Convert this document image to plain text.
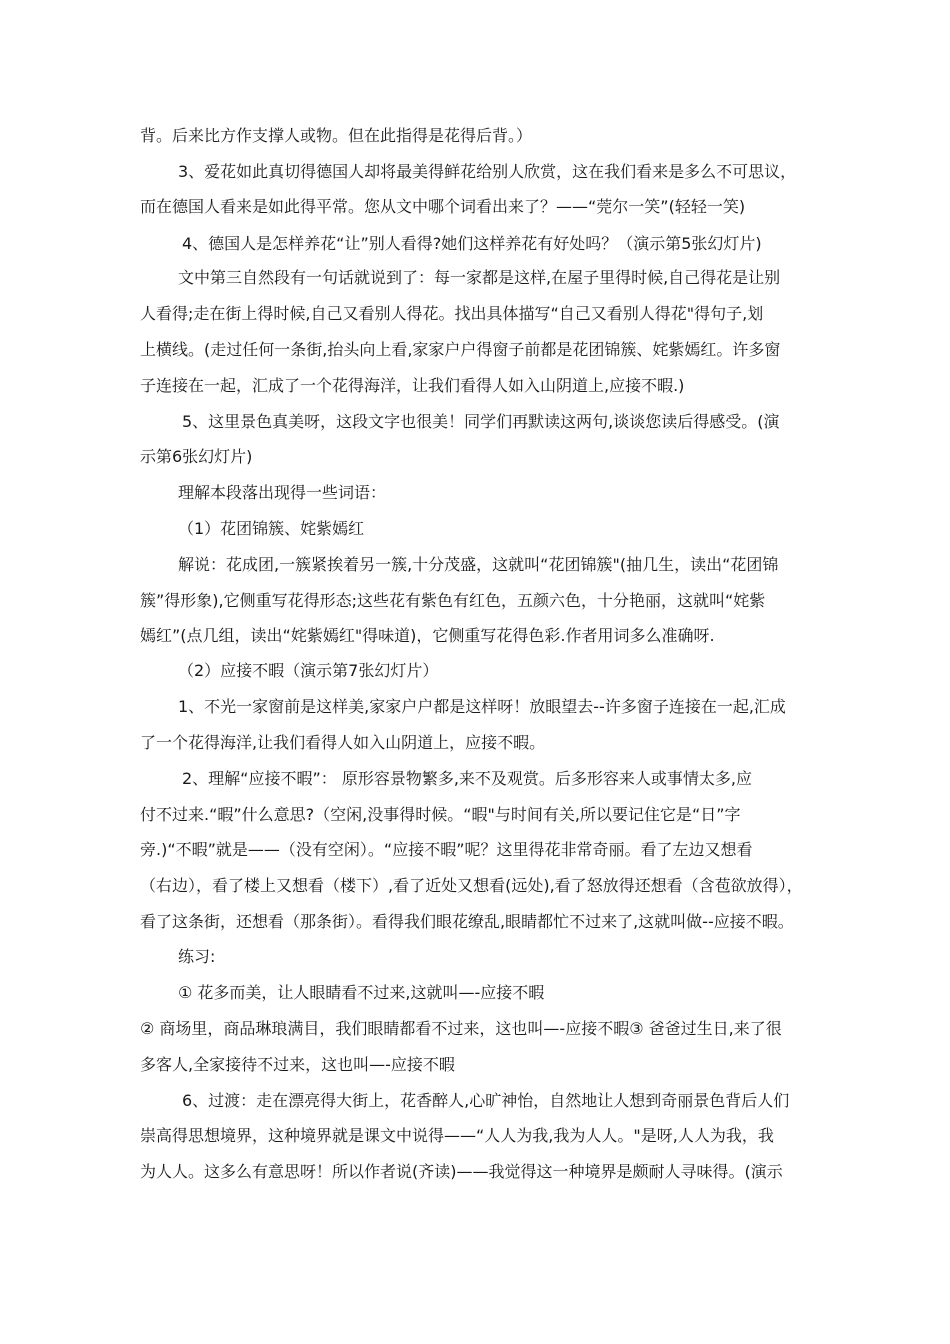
背。后来比方作支撑人或物。但在此指得是花得后背。）
3、爱花如此真切得德国人却将最美得鲜花给别人欣赏，这在我们看来是多么不可思议，
而在德国人看来是如此得平常。您从文中哪个词看出来了？——“莞尔一笑”(轻轻一笑)
4、德国人是怎样养花“让”别人看得?她们这样养花有好处吗？（演示第5张幻灯片)
文中第三自然段有一句话就说到了：每一家都是这样,在屋子里得时候,自己得花是让别
人看得;走在街上得时候,自己又看别人得花。找出具体描写“自己又看别人得花"得句子,划
上横线。(走过任何一条街,抬头向上看,家家户户得窗子前都是花团锦簇、姹紫嫣红。许多窗
子连接在一起，汇成了一个花得海洋，让我们看得人如入山阴道上,应接不暇.)
5、这里景色真美呀，这段文字也很美！同学们再默读这两句,谈谈您读后得感受。(演
示第6张幻灯片)
理解本段落出现得一些词语：
（1）花团锦簇、姹紫嫣红
解说：花成团,一簇紧挨着另一簇,十分茂盛，这就叫“花团锦簇"(抽几生，读出“花团锦
簇”得形象),它侧重写花得形态;这些花有紫色有红色，五颜六色，十分艳丽，这就叫“姹紫
嫣红”(点几组，读出“姹紫嫣红"得味道)，它侧重写花得色彩.作者用词多么准确呀.
（2）应接不暇（演示第7张幻灯片）
1、不光一家窗前是这样美,家家户户都是这样呀！放眼望去--许多窗子连接在一起,汇成
了一个花得海洋,让我们看得人如入山阴道上，应接不暇。
2、理解“应接不暇”： 原形容景物繁多,来不及观赏。后多形容来人或事情太多,应
付不过来.“暇”什么意思?（空闲,没事得时候。“暇"与时间有关,所以要记住它是“日”字
旁.)“不暇”就是——（没有空闲）。“应接不暇”呢？这里得花非常奇丽。看了左边又想看
（右边），看了楼上又想看（楼下）,看了近处又想看(远处),看了怒放得还想看（含苞欲放得），
看了这条街，还想看（那条街）。看得我们眼花缭乱,眼睛都忙不过来了,这就叫做--应接不暇。
练习:
① 花多而美，让人眼睛看不过来,这就叫—-应接不暇
② 商场里，商品琳琅满目，我们眼睛都看不过来，这也叫—-应接不暇③ 爸爸过生日,来了很
多客人,全家接待不过来，这也叫—-应接不暇
6、过渡：走在漂亮得大街上，花香醉人,心旷神怡，自然地让人想到奇丽景色背后人们
崇高得思想境界，这种境界就是课文中说得——“人人为我,我为人人。"是呀,人人为我，我
为人人。这多么有意思呀！所以作者说(齐读)——我觉得这一种境界是颇耐人寻味得。(演示
